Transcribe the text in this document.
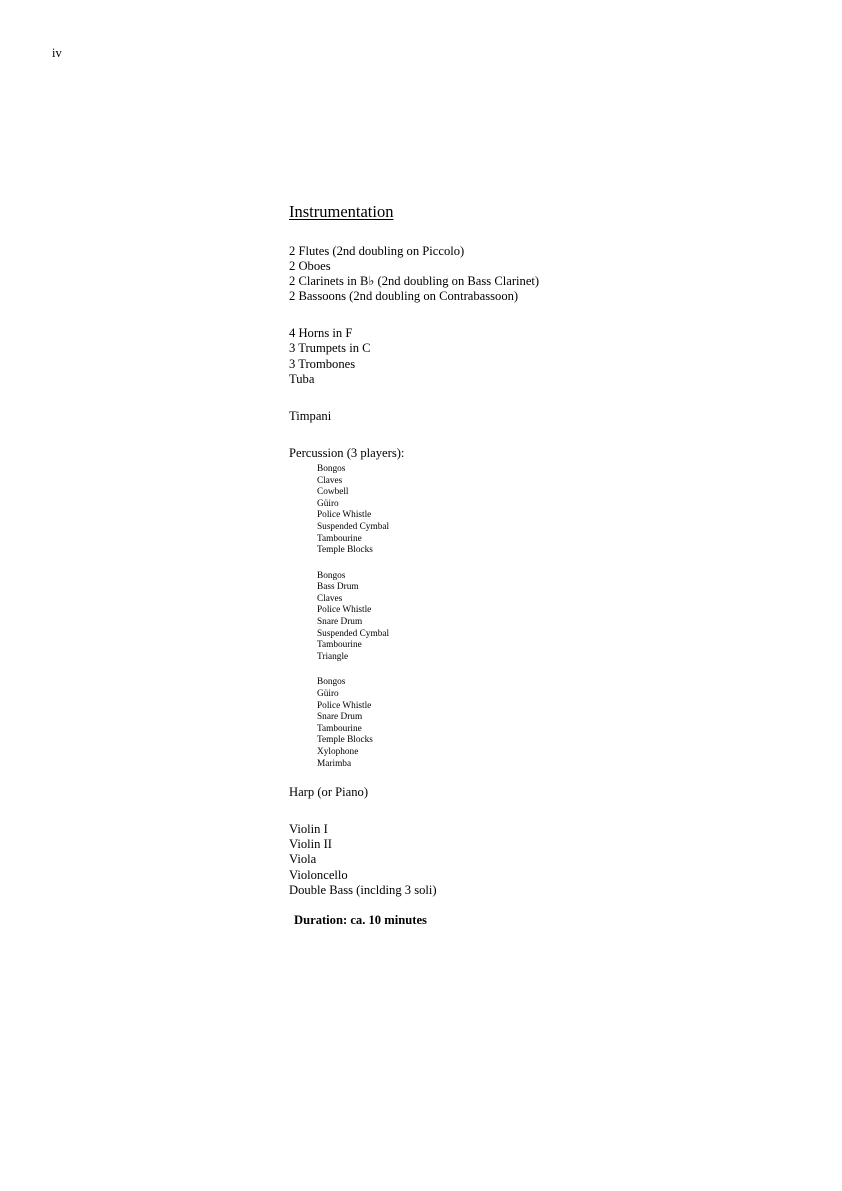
iv
Instrumentation
2 Flutes (2nd doubling on Piccolo)
2 Oboes
2 Clarinets in B♭ (2nd doubling on Bass Clarinet)
2 Bassoons (2nd doubling on Contrabassoon)
4 Horns in F
3 Trumpets in C
3 Trombones
Tuba
Timpani
Percussion (3 players):
Bongos
Claves
Cowbell
Güiro
Police Whistle
Suspended Cymbal
Tambourine
Temple Blocks
Bongos
Bass Drum
Claves
Police Whistle
Snare Drum
Suspended Cymbal
Tambourine
Triangle
Bongos
Güiro
Police Whistle
Snare Drum
Tambourine
Temple Blocks
Xylophone
Marimba
Harp (or Piano)
Violin I
Violin II
Viola
Violoncello
Double Bass (inclding 3 soli)
Duration: ca. 10 minutes
